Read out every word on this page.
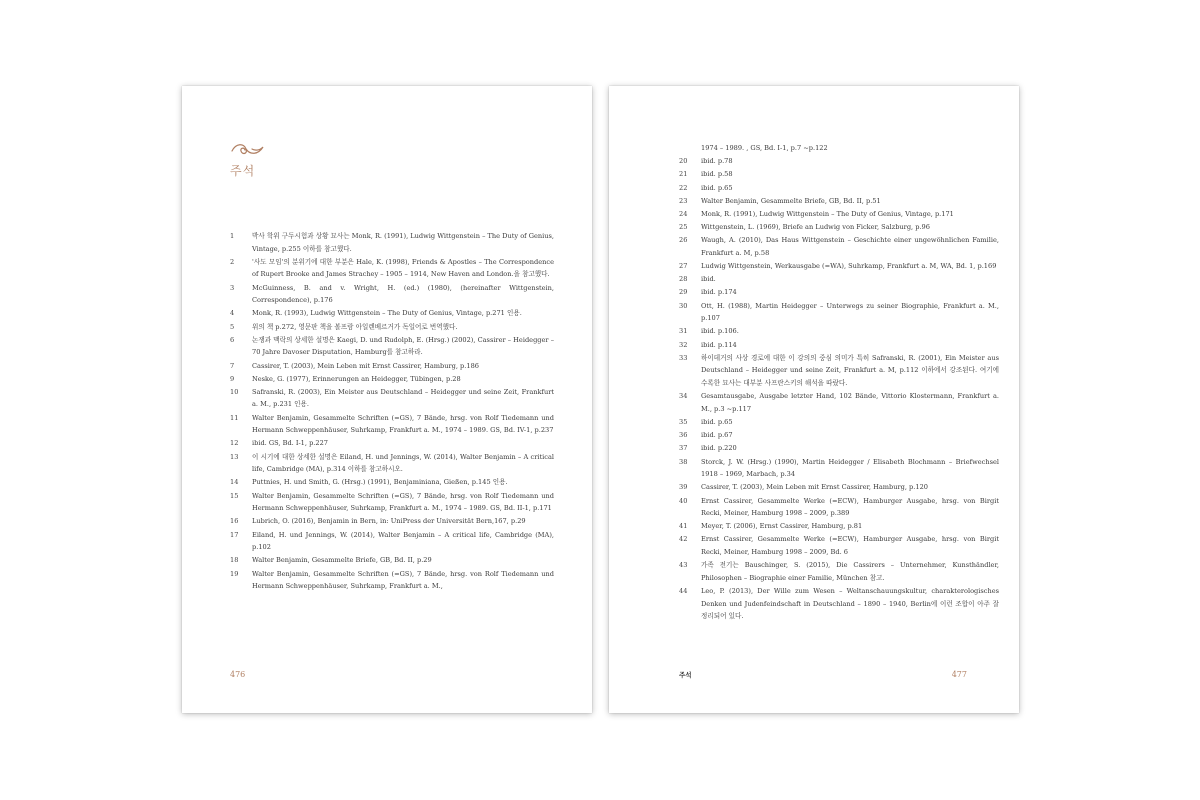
주석
1	박사 학위 구두시험과 상황 묘사는 Monk, R. (1991), Ludwig Wittgenstein – The Duty of Genius, Vintage, p.255 이하를 참고했다.
2	'사도 모임'의 분위기에 대한 부분은 Hale, K. (1998), Friends & Apostles – The Correspondence of Rupert Brooke and James Strachey – 1905 – 1914, New Haven and London.을 참고했다.
3	McGuinness, B. and v. Wright, H. (ed.) (1980), (hereinafter Wittgenstein, Correspondence), p.176
4	Monk, R. (1993), Ludwig Wittgenstein – The Duty of Genius, Vintage, p.271 인용.
5	위의 책 p.272, 영문판 책을 볼프람 아일렌베르거가 독일어로 번역했다.
6	논쟁과 맥락의 상세한 설명은 Kaegi, D. und Rudolph, E. (Hrsg.) (2002), Cassirer – Heidegger – 70 Jahre Davoser Disputation, Hamburg를 참고하라.
7	Cassirer, T. (2003), Mein Leben mit Ernst Cassirer, Hamburg, p.186
9	Neske, G. (1977), Erinnerungen an Heidegger, Tübingen, p.28
10	Safranski, R. (2003), Ein Meister aus Deutschland – Heidegger und seine Zeit, Frankfurt a. M., p.231 인용.
11	Walter Benjamin, Gesammelte Schriften (=GS), 7 Bände, hrsg. von Rolf Tiedemann und Hermann Schweppenhäuser, Suhrkamp, Frankfurt a. M., 1974 – 1989. GS, Bd. IV-1, p.237
12	ibid. GS, Bd. I-1, p.227
13	이 시기에 대한 상세한 설명은 Eiland, H. und Jennings, W. (2014), Walter Benjamin – A critical life, Cambridge (MA), p.314 이하를 참고하시오.
14	Puttnies, H. und Smith, G. (Hrsg.) (1991), Benjaminiana, Gießen, p.145 인용.
15	Walter Benjamin, Gesammelte Schriften (=GS), 7 Bände, hrsg. von Rolf Tiedemann und Hermann Schweppenhäuser, Suhrkamp, Frankfurt a. M., 1974 – 1989. GS, Bd. II-1, p.171
16	Lubrich, O. (2016), Benjamin in Bern, in: UniPress der Universität Bern,167, p.29
17	Eiland, H. und Jennings, W. (2014), Walter Benjamin – A critical life, Cambridge (MA), p.102
18	Walter Benjamin, Gesammelte Briefe, GB, Bd. II, p.29
19	Walter Benjamin, Gesammelte Schriften (=GS), 7 Bände, hrsg. von Rolf Tiedemann und Hermann Schweppenhäuser, Suhrkamp, Frankfurt a. M.,
476
1974 – 1989. , GS, Bd. I-1, p.7 ~p.122
20	ibid. p.78
21	ibid. p.58
22	ibid. p.65
23	Walter Benjamin, Gesammelte Briefe, GB, Bd. II, p.51
24	Monk, R. (1991), Ludwig Wittgenstein – The Duty of Genius, Vintage, p.171
25	Wittgenstein, L. (1969), Briefe an Ludwig von Ficker, Salzburg, p.96
26	Waugh, A. (2010), Das Haus Wittgenstein – Geschichte einer ungewöhnlichen Familie, Frankfurt a. M, p.58
27	Ludwig Wittgenstein, Werkausgabe (=WA), Suhrkamp, Frankfurt a. M, WA, Bd. 1, p.169
28	ibid.
29	ibid. p.174
30	Ott, H. (1988), Martin Heidegger – Unterwegs zu seiner Biographie, Frankfurt a. M., p.107
31	ibid. p.106.
32	ibid. p.114
33	하이데거의 사상 경로에 대한 이 강의의 중심 의미가 특히 Safranski, R. (2001), Ein Meister aus Deutschland – Heidegger und seine Zeit, Frankfurt a. M, p.112 이하에서 강조된다. 여기에 수록한 묘사는 대부분 사프란스키의 해석을 따랐다.
34	Gesamtausgabe, Ausgabe letzter Hand, 102 Bände, Vittorio Klostermann, Frankfurt a. M., p.3 ~p.117
35	ibid. p.65
36	ibid. p.67
37	ibid. p.220
38	Storck, J. W. (Hrsg.) (1990), Martin Heidegger / Elisabeth Blochmann – Briefwechsel 1918 – 1969, Marbach, p.34
39	Cassirer, T. (2003), Mein Leben mit Ernst Cassirer, Hamburg, p.120
40	Ernst Cassirer, Gesammelte Werke (=ECW), Hamburger Ausgabe, hrsg. von Birgit Recki, Meiner, Hamburg 1998 – 2009, p.389
41	Meyer, T. (2006), Ernst Cassirer, Hamburg, p.81
42	Ernst Cassirer, Gesammelte Werke (=ECW), Hamburger Ausgabe, hrsg. von Birgit Recki, Meiner, Hamburg 1998 – 2009, Bd. 6
43	가족 전기는 Bauschinger, S. (2015), Die Cassirers – Unternehmer, Kunsthändler, Philosophen – Biographie einer Familie, München 참고.
44	Leo, P. (2013), Der Wille zum Wesen – Weltanschauungskultur, charakterologisches Denken und Judenfeindschaft in Deutschland – 1890 – 1940, Berlin에 이런 조합이 아주 잘 정리되어 있다.
주석	477
